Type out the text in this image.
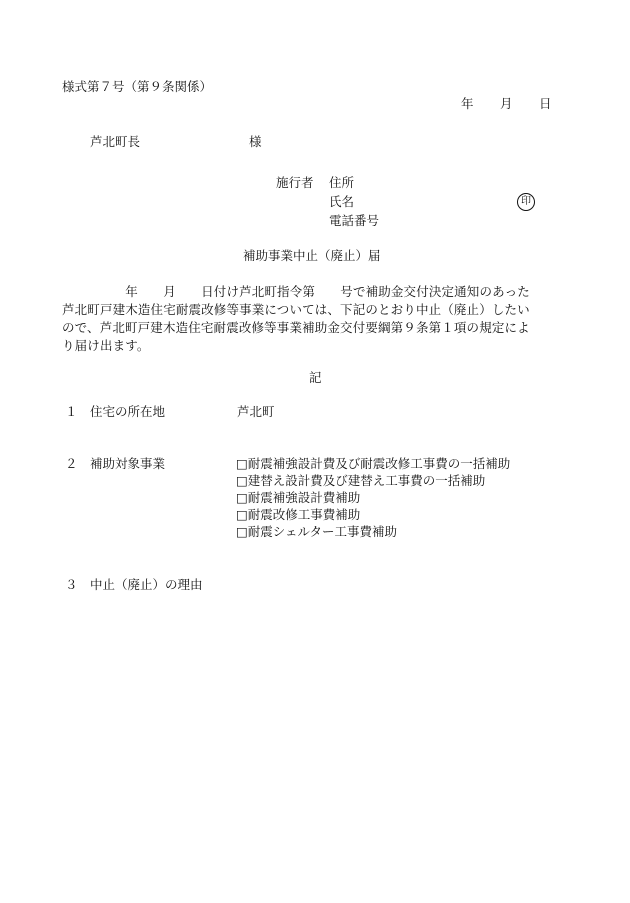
様式第７号（第９条関係）
年　　月　　日
芦北町長	様
施行者 住所
氏名	印
電話番号
補助事業中止（廃止）届
　　　　　年　　月　　日付け芦北町指令第　　号で補助金交付決定通知のあった
芦北町戸建木造住宅耐震改修等事業については、下記のとおり中止（廃止）したい
ので、芦北町戸建木造住宅耐震改修等事業補助金交付要綱第９条第１項の規定によ
り届け出ます。
記
１ 住宅の所在地	芦北町
２ 補助対象事業	□耐震補強設計費及び耐震改修工事費の一括補助
□建替え設計費及び建替え工事費の一括補助
□耐震補強設計費補助
□耐震改修工事費補助
□耐震シェルター工事費補助
３ 中止（廃止）の理由
